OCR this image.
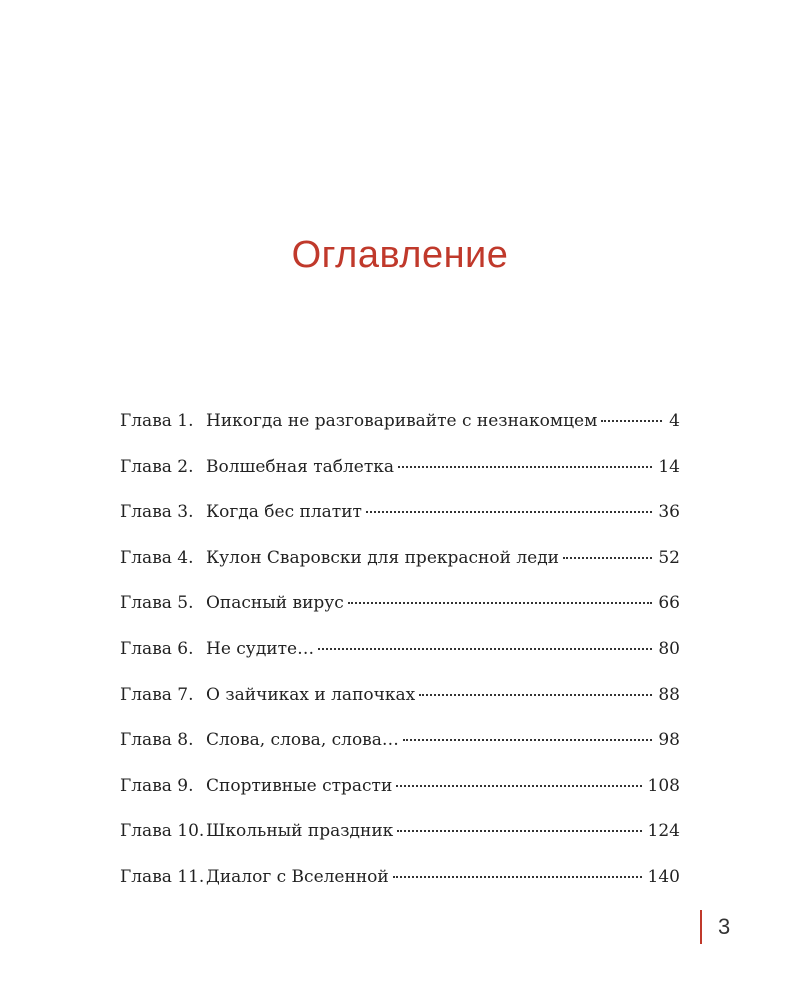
Оглавление
Глава 1. Никогда не разговаривайте с незнакомцем	4
Глава 2. Волшебная таблетка	14
Глава 3. Когда бес платит	36
Глава 4. Кулон Сваровски для прекрасной леди	52
Глава 5. Опасный вирус	66
Глава 6. Не судите…	80
Глава 7. О зайчиках и лапочках	88
Глава 8. Слова, слова, слова…	98
Глава 9. Спортивные страсти	108
Глава 10. Школьный праздник	124
Глава 11. Диалог с Вселенной	140
3
